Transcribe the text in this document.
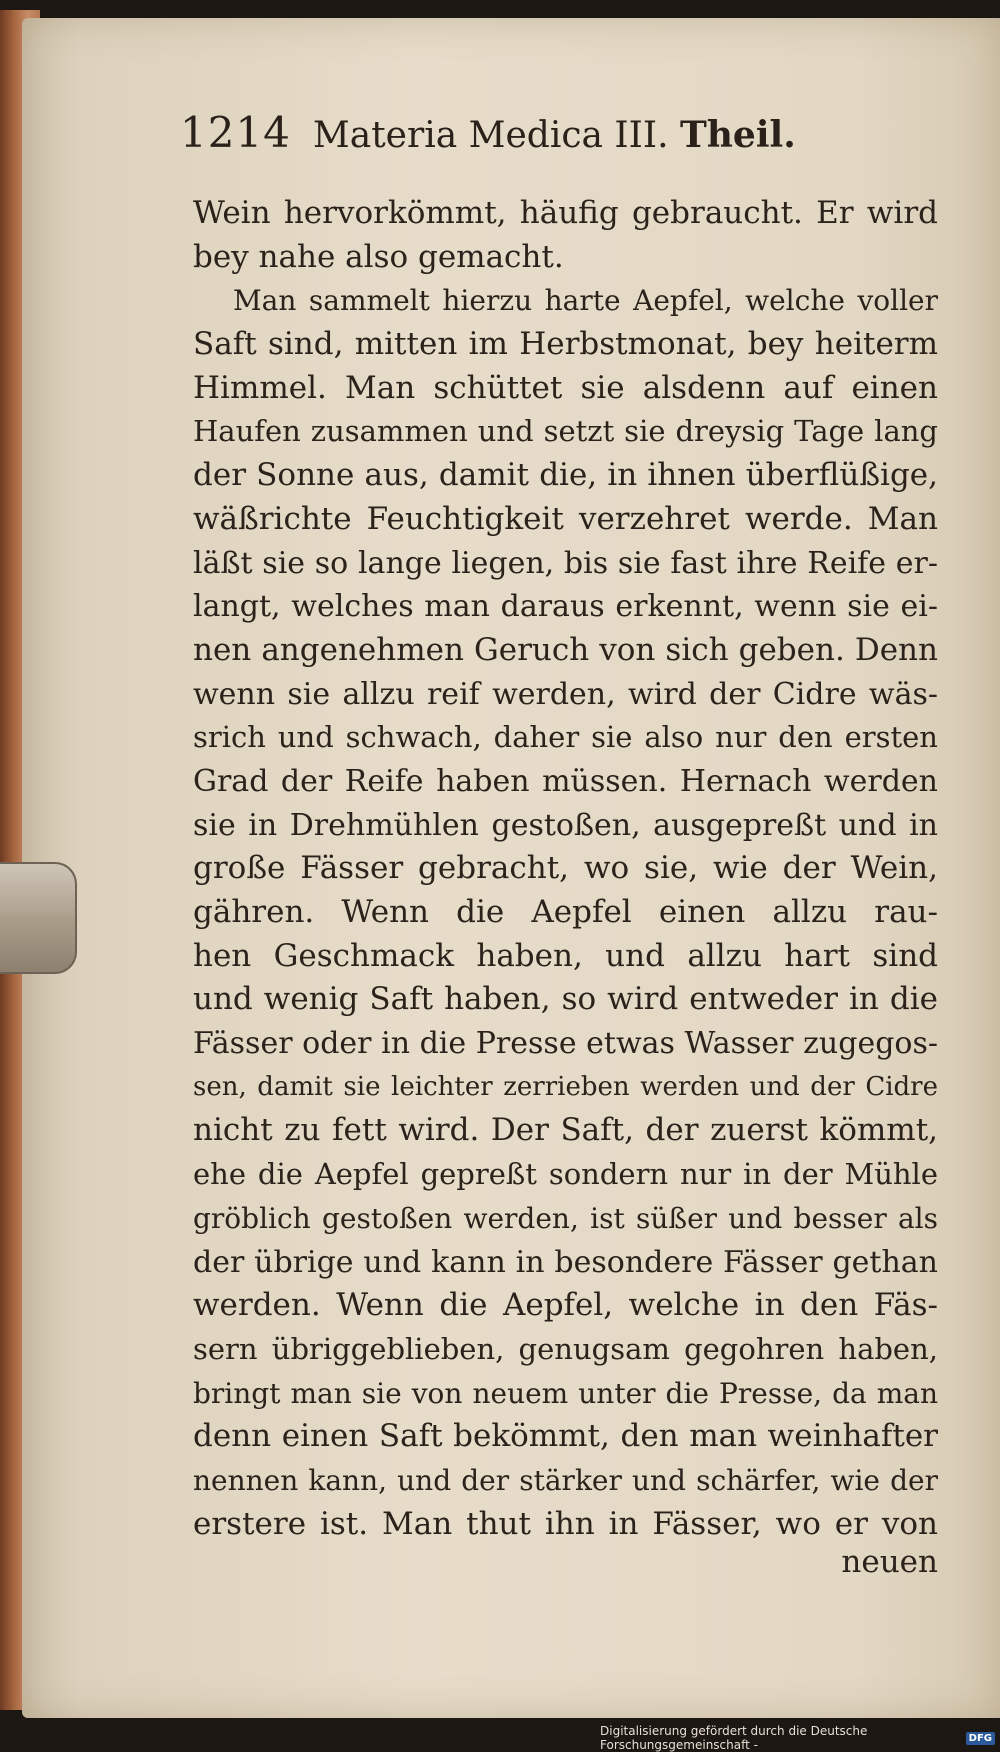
1214 Materia Medica III. Theil.
Wein hervorkömmt, häufig gebraucht. Er wird
bey nahe also gemacht.
Man sammelt hierzu harte Aepfel, welche voller
Saft sind, mitten im Herbstmonat, bey heiterm
Himmel. Man schüttet sie alsdenn auf einen
Haufen zusammen und setzt sie dreysig Tage lang
der Sonne aus, damit die, in ihnen überflüßige,
wäßrichte Feuchtigkeit verzehret werde. Man
läßt sie so lange liegen, bis sie fast ihre Reife er-
langt, welches man daraus erkennt, wenn sie ei-
nen angenehmen Geruch von sich geben. Denn
wenn sie allzu reif werden, wird der Cidre wäs-
srich und schwach, daher sie also nur den ersten
Grad der Reife haben müssen. Hernach werden
sie in Drehmühlen gestoßen, ausgepreßt und in
große Fässer gebracht, wo sie, wie der Wein,
gähren. Wenn die Aepfel einen allzu rau-
hen Geschmack haben, und allzu hart sind
und wenig Saft haben, so wird entweder in die
Fässer oder in die Presse etwas Wasser zugegos-
sen, damit sie leichter zerrieben werden und der Cidre
nicht zu fett wird. Der Saft, der zuerst kömmt,
ehe die Aepfel gepreßt sondern nur in der Mühle
gröblich gestoßen werden, ist süßer und besser als
der übrige und kann in besondere Fässer gethan
werden. Wenn die Aepfel, welche in den Fäs-
sern übriggeblieben, genugsam gegohren haben,
bringt man sie von neuem unter die Presse, da man
denn einen Saft bekömmt, den man weinhafter
nennen kann, und der stärker und schärfer, wie der
erstere ist. Man thut ihn in Fässer, wo er von
neuen
Digitalisierung gefördert durch die Deutsche Forschungsgemeinschaft -	DFG
